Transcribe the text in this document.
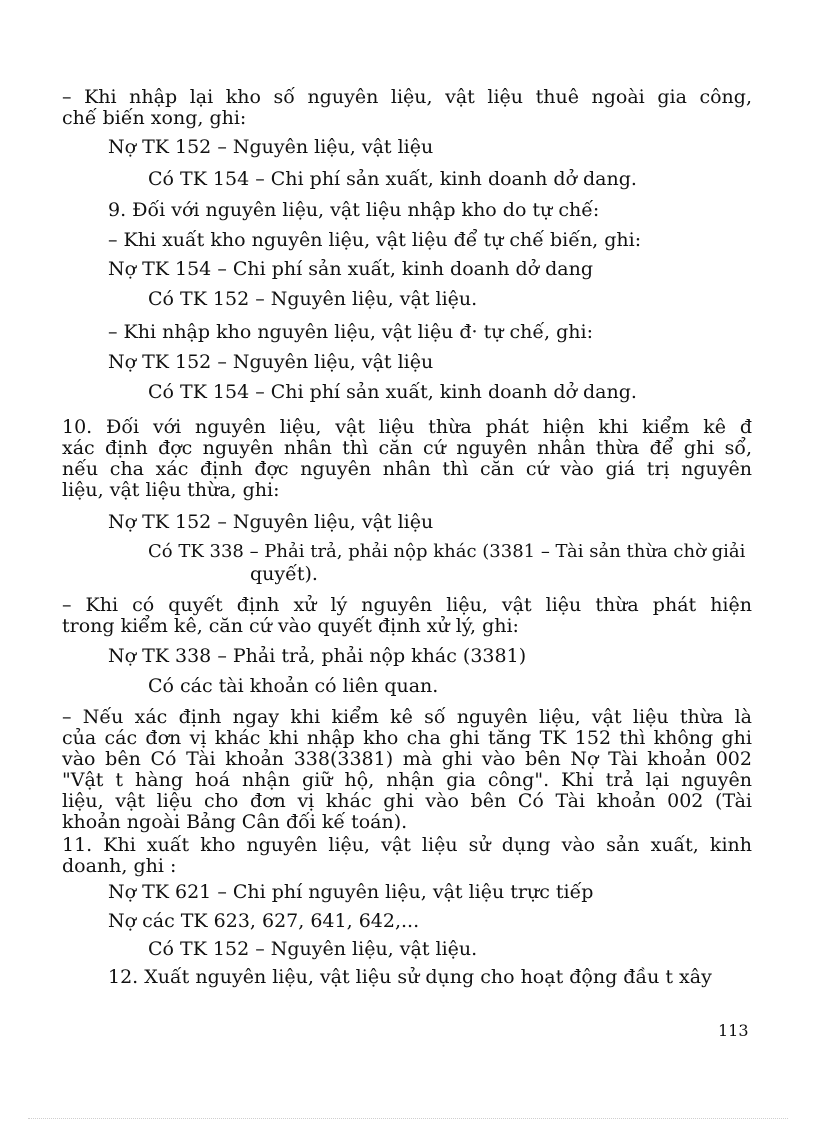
– Khi nhập lại kho số nguyên liệu, vật liệu thuê ngoài gia công,

chế biến xong, ghi:

Nợ TK 152 – Nguyên liệu, vật liệu

Có TK 154 – Chi phí sản xuất, kinh doanh dở dang.

9. Đối với nguyên liệu, vật liệu nhập kho do tự chế:

– Khi xuất kho nguyên liệu, vật liệu để tự chế biến, ghi:

Nợ TK 154 – Chi phí sản xuất, kinh doanh dở dang

Có TK 152 – Nguyên liệu, vật liệu.

– Khi nhập kho nguyên liệu, vật liệu đ· tự chế, ghi:

Nợ TK 152 – Nguyên liệu, vật liệu

Có TK 154 – Chi phí sản xuất, kinh doanh dở dang.

10. Đối với nguyên liệu, vật liệu thừa phát hiện khi kiểm kê đ

xác định đợc nguyên nhân thì căn cứ nguyên nhân thừa để ghi sổ,

nếu cha xác định đợc nguyên nhân thì căn cứ vào giá trị nguyên

liệu, vật liệu thừa, ghi:

Nợ TK 152 – Nguyên liệu, vật liệu

Có TK 338 – Phải trả, phải nộp khác (3381 – Tài sản thừa chờ giải

quyết).

– Khi có quyết định xử lý nguyên liệu, vật liệu thừa phát hiện

trong kiểm kê, căn cứ vào quyết định xử lý, ghi:

Nợ TK 338 – Phải trả, phải nộp khác (3381)

Có các tài khoản có liên quan.

– Nếu xác định ngay khi kiểm kê số nguyên liệu, vật liệu thừa là

của các đơn vị khác khi nhập kho cha ghi tăng TK 152 thì không ghi

vào bên Có Tài khoản 338(3381) mà ghi vào bên Nợ Tài khoản 002

"Vật t hàng hoá nhận giữ hộ, nhận gia công". Khi trả lại nguyên

liệu, vật liệu cho đơn vị khác ghi vào bên Có Tài khoản 002 (Tài

khoản ngoài Bảng Cân đối kế toán).

11. Khi xuất kho nguyên liệu, vật liệu sử dụng vào sản xuất, kinh

doanh, ghi :

Nợ TK 621 – Chi phí nguyên liệu, vật liệu trực tiếp

Nợ các TK 623, 627, 641, 642,...

Có TK 152 – Nguyên liệu, vật liệu.

12. Xuất nguyên liệu, vật liệu sử dụng cho hoạt động đầu t xây

113
